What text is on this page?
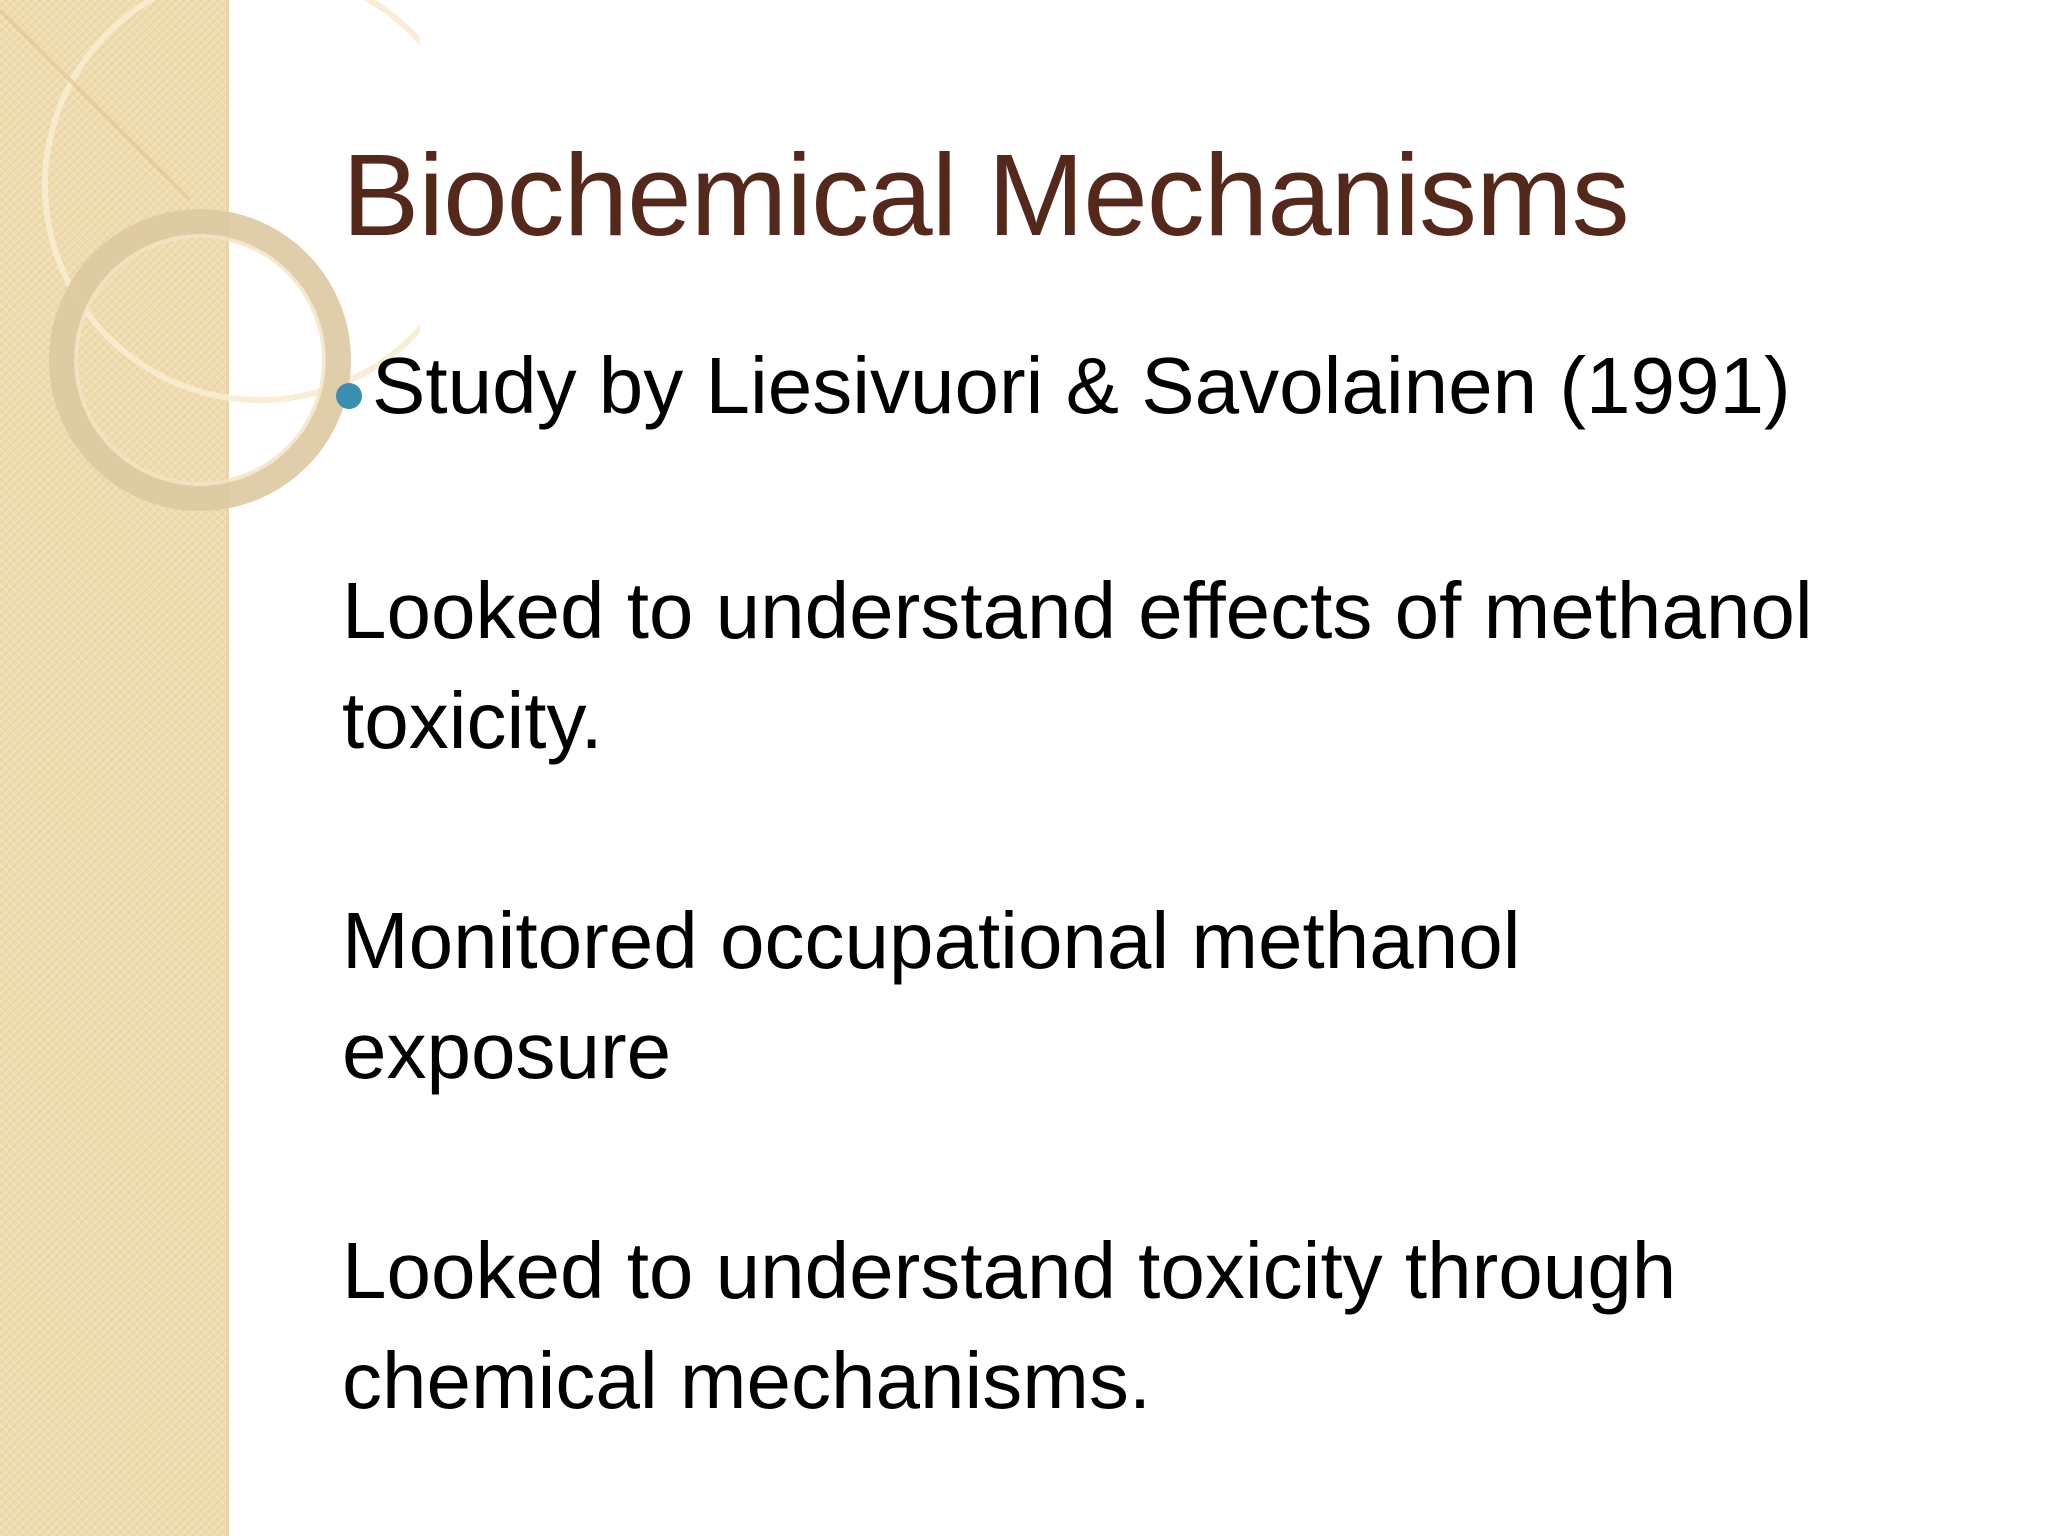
Biochemical Mechanisms
Study by Liesivuori & Savolainen (1991)

Looked to understand effects of methanol
toxicity.

Monitored occupational methanol
exposure

Looked to understand toxicity through
chemical mechanisms.
